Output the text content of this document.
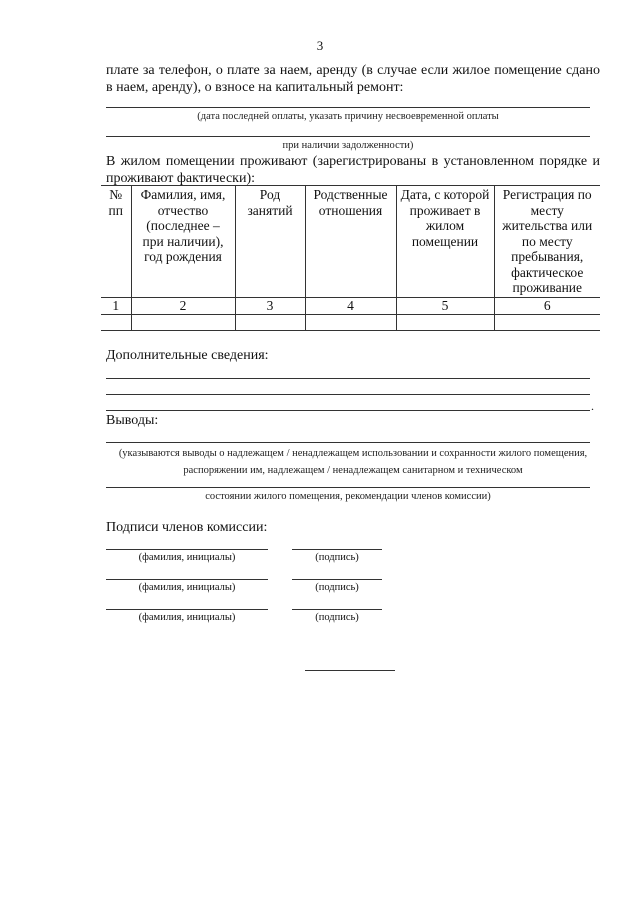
3
плате за телефон, о плате за наем, аренду (в случае если жилое помещение сдано в наем, аренду), о взносе на капитальный ремонт:
(дата последней оплаты, указать причину несвоевременной оплаты
при наличии задолженности)
В жилом помещении проживают (зарегистрированы в установленном порядке и проживают фактически):
№ пп	Фамилия, имя, отчество (последнее – при наличии), год рождения	Род занятий	Родственные отношения	Дата, с которой проживает в жилом помещении	Регистрация по месту жительства или по месту пребывания, фактическое проживание
1	2	3	4	5	6

Дополнительные сведения:
.
Выводы:
(указываются выводы о надлежащем / ненадлежащем использовании и сохранности жилого помещения, распоряжении им, надлежащем / ненадлежащем санитарном и техническом
состоянии жилого помещения, рекомендации членов комиссии)
Подписи членов комиссии:
(фамилия, инициалы)	(подпись)
(фамилия, инициалы)	(подпись)
(фамилия, инициалы)	(подпись)
